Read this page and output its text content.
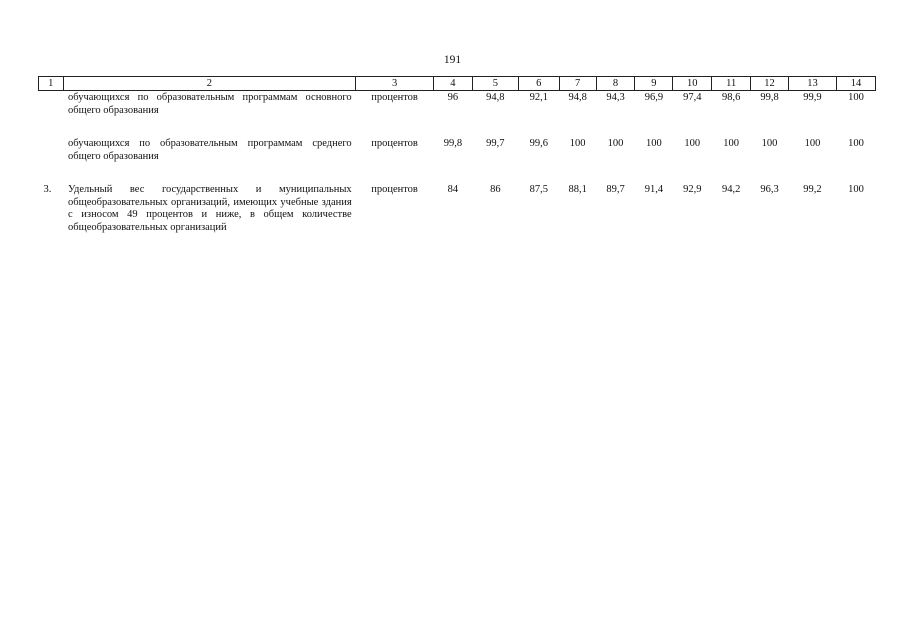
191
1	2	3	4	5	6	7	8	9	10	11	12	13	14
	обучающихся по образовательным программам основного общего образования	процентов	96	94,8	92,1	94,8	94,3	96,9	97,4	98,6	99,8	99,9	100
	обучающихся по образовательным программам среднего общего образования	процентов	99,8	99,7	99,6	100	100	100	100	100	100	100	100
3.	Удельный вес государственных и муниципальных общеобразовательных организаций, имеющих учебные здания с износом 49 процентов и ниже, в общем количестве общеобразовательных организаций	процентов	84	86	87,5	88,1	89,7	91,4	92,9	94,2	96,3	99,2	100
